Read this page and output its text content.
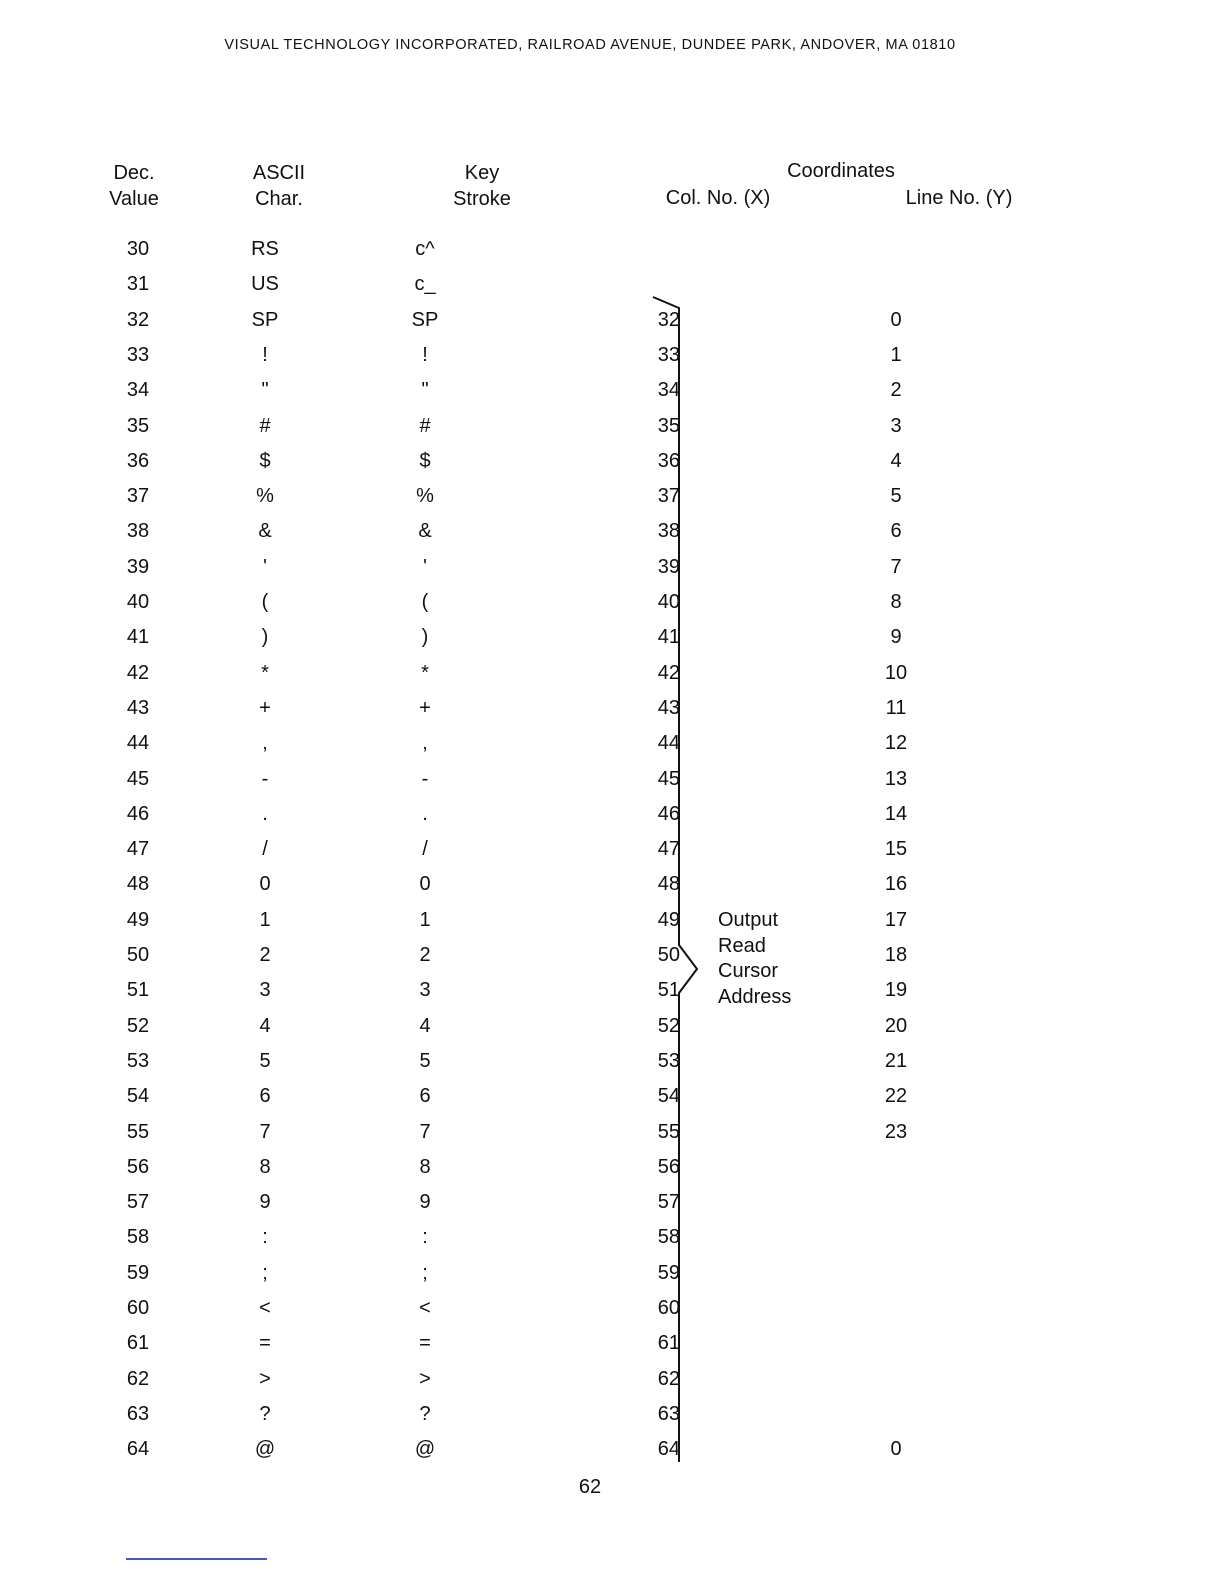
VISUAL TECHNOLOGY INCORPORATED, RAILROAD AVENUE, DUNDEE PARK, ANDOVER, MA 01810
Dec.
Value
ASCII
Char.
Key
Stroke
Coordinates
Col. No. (X)	Line No. (Y)
30	RS	c^
31	US	c_
32	SP	SP	32	0
33	!	!	33	1
34	"	"	34	2
35	#	#	35	3
36	$	$	36	4
37	%	%	37	5
38	&	&	38	6
39	'	'	39	7
40	(	(	40	8
41	)	)	41	9
42	*	*	42	10
43	+	+	43	11
44	,	,	44	12
45	-	-	45	13
46	.	.	46	14
47	/	/	47	15
48	0	0	48	16
49	1	1	49	17
50	2	2	50	18
51	3	3	51	19
52	4	4	52	20
53	5	5	53	21
54	6	6	54	22
55	7	7	55	23
56	8	8	56
57	9	9	57
58	:	:	58
59	;	;	59
60	<	<	60
61	=	=	61
62	>	>	62
63	?	?	63
64	@	@	64	0
Output
Read
Cursor
Address
62
